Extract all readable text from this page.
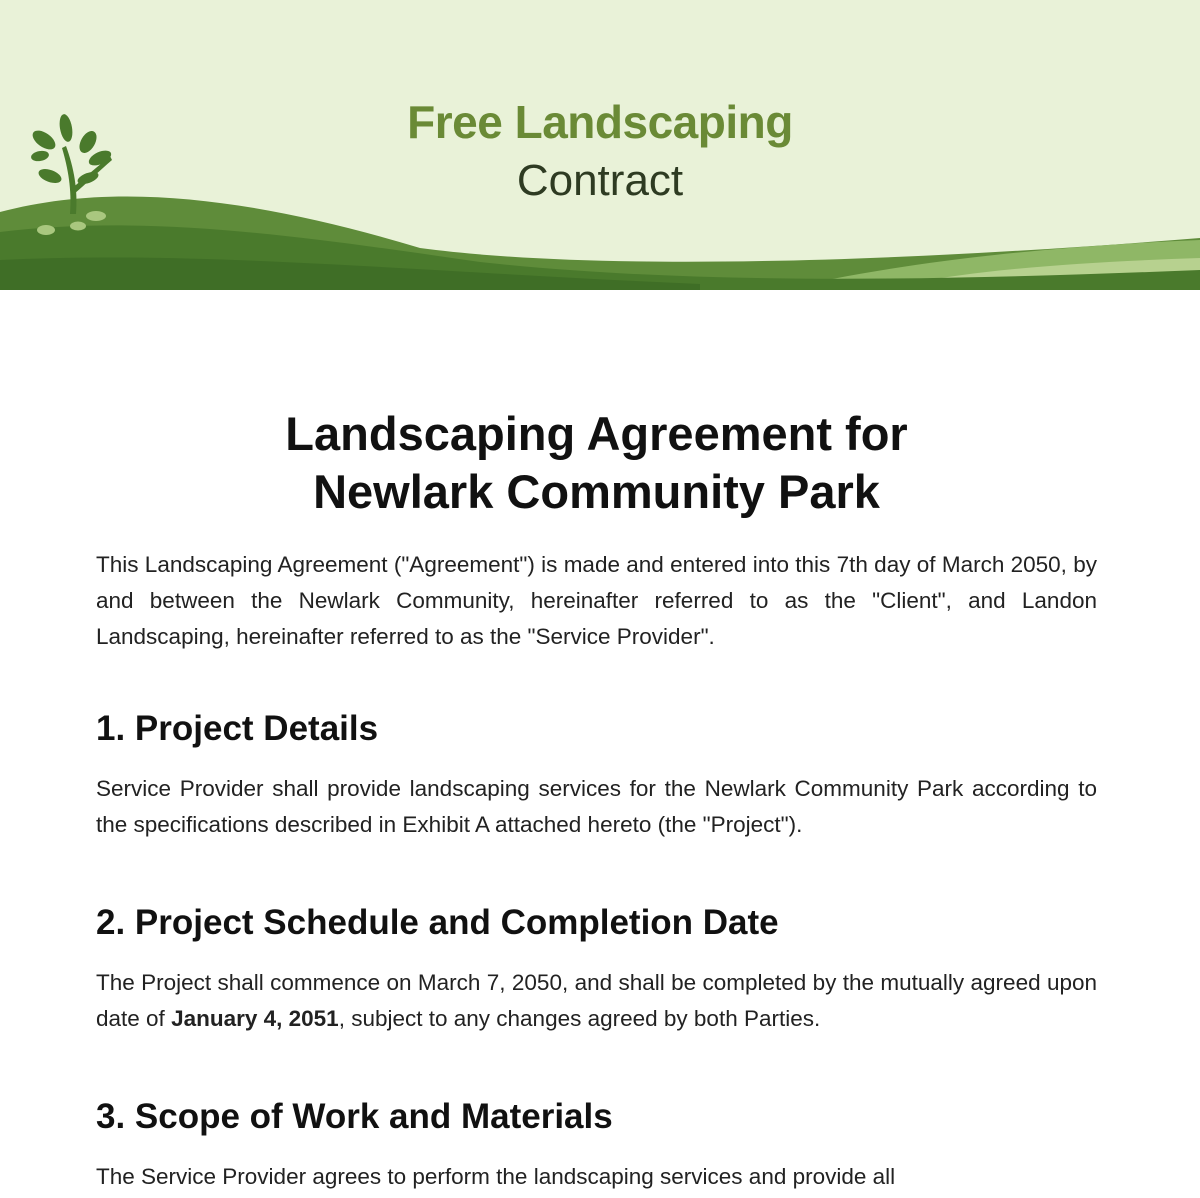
Free Landscaping
Contract
Landscaping Agreement for
Newlark Community Park

This Landscaping Agreement ("Agreement") is made and entered into this 7th day of March 2050, by and between the Newlark Community, hereinafter referred to as the "Client", and Landon Landscaping, hereinafter referred to as the "Service Provider".

1. Project Details

Service Provider shall provide landscaping services for the Newlark Community Park according to the specifications described in Exhibit A attached hereto (the "Project").

2. Project Schedule and Completion Date

The Project shall commence on March 7, 2050, and shall be completed by the mutually agreed upon date of January 4, 2051, subject to any changes agreed by both Parties.

3. Scope of Work and Materials

The Service Provider agrees to perform the landscaping services and provide all
